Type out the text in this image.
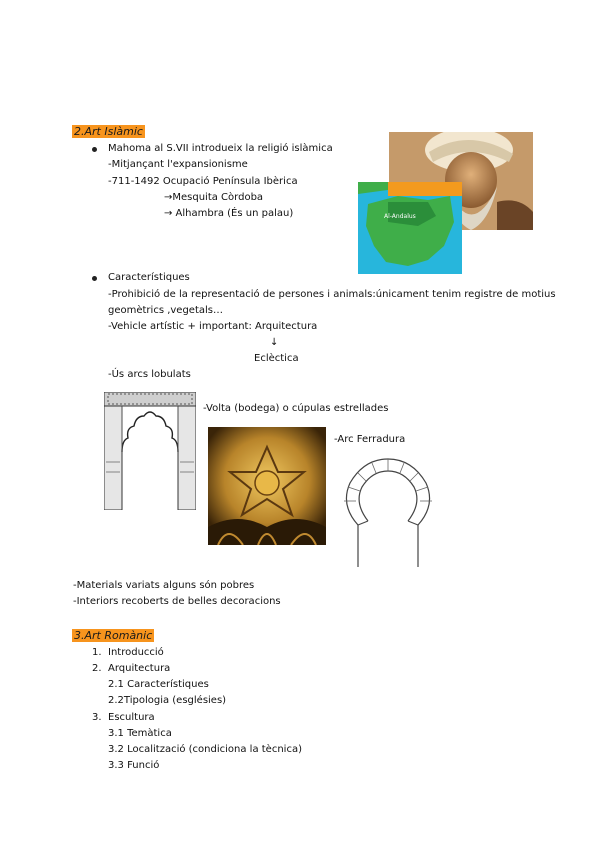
2.Art Islàmic
Mahoma al S.VII introdueix la religió islàmica
-Mitjançant l'expansionisme
-711-1492 Ocupació Península Ibèrica
→Mesquita Còrdoba
→ Alhambra (És un palau)	Al-Andalus
Característiques
-Prohibició de la representació de persones i animals:únicament tenim registre de motius
geomètrics ,vegetals…
-Vehicle artístic + important: Arquitectura
↓
Eclèctica
-Ús arcs lobulats
-Volta (bodega) o cúpulas estrellades
-Arc Ferradura
-Materials variats alguns són pobres
-Interiors recoberts de belles decoracions
3.Art Romànic
1. Introducció
2. Arquitectura
2.1 Característiques
2.2Tipologia (esglésies)
3. Escultura
3.1 Temàtica
3.2 Localització (condiciona la tècnica)
3.3 Funció
